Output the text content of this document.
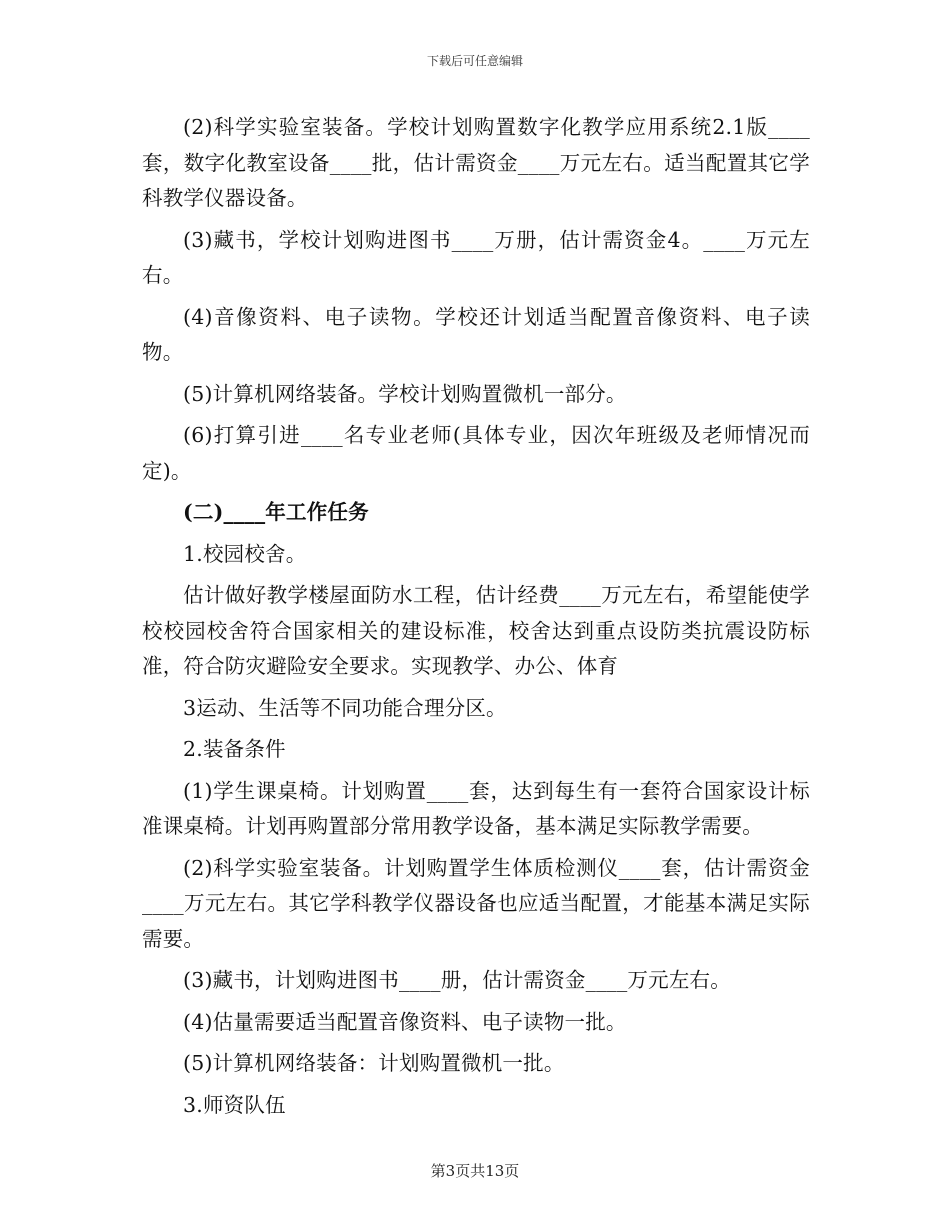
下载后可任意编辑

(2)科学实验室装备。学校计划购置数字化教学应用系统2.1版____套，数字化教室设备____批，估计需资金____万元左右。适当配置其它学科教学仪器设备。

(3)藏书，学校计划购进图书____万册，估计需资金4。____万元左右。

(4)音像资料、电子读物。学校还计划适当配置音像资料、电子读物。

(5)计算机网络装备。学校计划购置微机一部分。

(6)打算引进____名专业老师(具体专业，因次年班级及老师情况而定)。

(二)____年工作任务

1.校园校舍。

估计做好教学楼屋面防水工程，估计经费____万元左右，希望能使学校校园校舍符合国家相关的建设标准，校舍达到重点设防类抗震设防标准，符合防灾避险安全要求。实现教学、办公、体育

3运动、生活等不同功能合理分区。

2.装备条件

(1)学生课桌椅。计划购置____套，达到每生有一套符合国家设计标准课桌椅。计划再购置部分常用教学设备，基本满足实际教学需要。

(2)科学实验室装备。计划购置学生体质检测仪____套，估计需资金____万元左右。其它学科教学仪器设备也应适当配置，才能基本满足实际需要。

(3)藏书，计划购进图书____册，估计需资金____万元左右。

(4)估量需要适当配置音像资料、电子读物一批。

(5)计算机网络装备：计划购置微机一批。

3.师资队伍

第3页共13页
